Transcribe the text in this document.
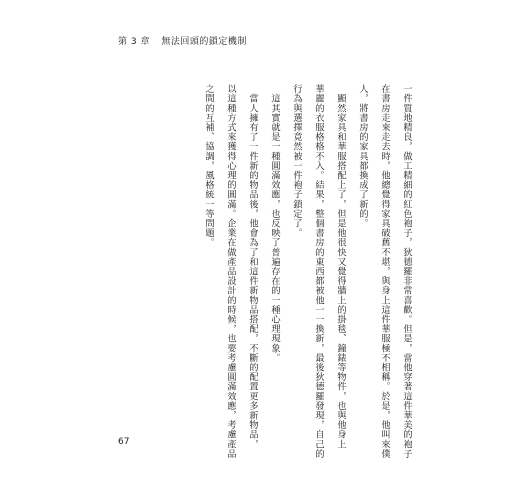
第 3 章 無法回頭的鎖定機制
一件質地精良，做工精細的紅色袍子，狄德羅非常喜歡。但是，當他穿著這件華美的袍子
在書房走來走去時，他總覺得家具破舊不堪，與身上這件華服極不相稱。於是，他叫來僕
人，將書房的家具都換成了新的。
　顯然家具和華服搭配上了，但是他很快又覺得牆上的掛毯、鐘錶等物件，也與他身上
華麗的衣服格格不入。結果，整個書房的東西都被他一一換新，最後狄德羅發現，自己的
行為與選擇竟然被一件袍子鎖定了。
　這其實就是一種圓滿效應，也反映了普遍存在的一種心理現象。
　當人擁有了一件新的物品後，他會為了和這件新物品搭配，不斷的配置更多新物品，
以這種方式來獲得心理的圓滿。企業在做產品設計的時候，也要考慮圓滿效應，考慮產品
之間的互補、協調，風格統一等問題。
67
